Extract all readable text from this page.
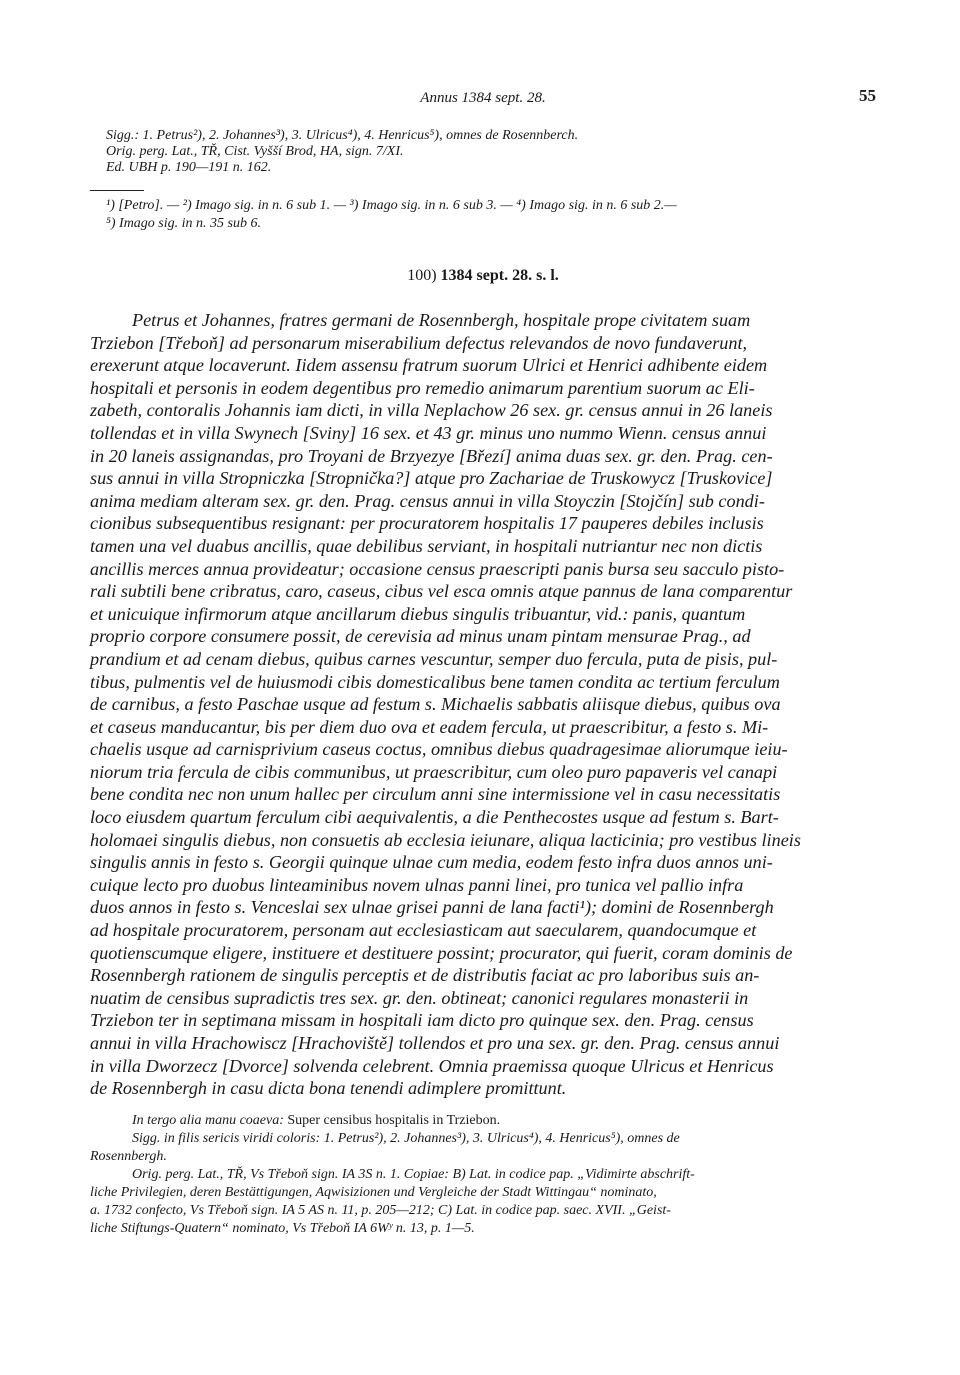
Annus 1384 sept. 28.	55
Sigg.: 1. Petrus²), 2. Johannes³), 3. Ulricus⁴), 4. Henricus⁵), omnes de Rosennberch.
Orig. perg. Lat., TŘ, Cist. Vyšší Brod, HA, sign. 7/XI.
Ed. UBH p. 190—191 n. 162.
¹) [Petro]. — ²) Imago sig. in n. 6 sub 1. — ³) Imago sig. in n. 6 sub 3. — ⁴) Imago sig. in n. 6 sub 2.—
⁵) Imago sig. in n. 35 sub 6.
100) 1384 sept. 28. s. l.
Petrus et Johannes, fratres germani de Rosennbergh, hospitale prope civitatem suam
Trziebon [Třeboň] ad personarum miserabilium defectus relevandos de novo fundaverunt,
erexerunt atque locaverunt. Iidem assensu fratrum suorum Ulrici et Henrici adhibente eidem
hospitali et personis in eodem degentibus pro remedio animarum parentium suorum ac Eli-
zabeth, contoralis Johannis iam dicti, in villa Neplachow 26 sex. gr. census annui in 26 laneis
tollendas et in villa Swynech [Sviny] 16 sex. et 43 gr. minus uno nummo Wienn. census annui
in 20 laneis assignandas, pro Troyani de Brzyezye [Březí] anima duas sex. gr. den. Prag. cen-
sus annui in villa Stropniczka [Stropnička?] atque pro Zachariae de Truskowycz [Truskovice]
anima mediam alteram sex. gr. den. Prag. census annui in villa Stoyczin [Stojčín] sub condi-
cionibus subsequentibus resignant: per procuratorem hospitalis 17 pauperes debiles inclusis
tamen una vel duabus ancillis, quae debilibus serviant, in hospitali nutriantur nec non dictis
ancillis merces annua provideatur; occasione census praescripti panis bursa seu sacculo pisto-
rali subtili bene cribratus, caro, caseus, cibus vel esca omnis atque pannus de lana comparentur
et unicuique infirmorum atque ancillarum diebus singulis tribuantur, vid.: panis, quantum
proprio corpore consumere possit, de cerevisia ad minus unam pintam mensurae Prag., ad
prandium et ad cenam diebus, quibus carnes vescuntur, semper duo fercula, puta de pisis, pul-
tibus, pulmentis vel de huiusmodi cibis domesticalibus bene tamen condita ac tertium ferculum
de carnibus, a festo Paschae usque ad festum s. Michaelis sabbatis aliisque diebus, quibus ova
et caseus manducantur, bis per diem duo ova et eadem fercula, ut praescribitur, a festo s. Mi-
chaelis usque ad carnisprivium caseus coctus, omnibus diebus quadragesimae aliorumque ieiu-
niorum tria fercula de cibis communibus, ut praescribitur, cum oleo puro papaveris vel canapi
bene condita nec non unum hallec per circulum anni sine intermissione vel in casu necessitatis
loco eiusdem quartum ferculum cibi aequivalentis, a die Penthecostes usque ad festum s. Bart-
holomaei singulis diebus, non consuetis ab ecclesia ieiunare, aliqua lacticinia; pro vestibus lineis
singulis annis in festo s. Georgii quinque ulnae cum media, eodem festo infra duos annos uni-
cuique lecto pro duobus linteaminibus novem ulnas panni linei, pro tunica vel pallio infra
duos annos in festo s. Venceslai sex ulnae grisei panni de lana facti¹); domini de Rosennbergh
ad hospitale procuratorem, personam aut ecclesiasticam aut saecularem, quandocumque et
quotienscumque eligere, instituere et destituere possint; procurator, qui fuerit, coram dominis de
Rosennbergh rationem de singulis perceptis et de distributis faciat ac pro laboribus suis an-
nuatim de censibus supradictis tres sex. gr. den. obtineat; canonici regulares monasterii in
Trziebon ter in septimana missam in hospitali iam dicto pro quinque sex. den. Prag. census
annui in villa Hrachowiscz [Hrachoviště] tollendos et pro una sex. gr. den. Prag. census annui
in villa Dworzecz [Dvorce] solvenda celebrent. Omnia praemissa quoque Ulricus et Henricus
de Rosennbergh in casu dicta bona tenendi adimplere promittunt.
In tergo alia manu coaeva: Super censibus hospitalis in Trziebon.
Sigg. in filis sericis viridi coloris: 1. Petrus²), 2. Johannes³), 3. Ulricus⁴), 4. Henricus⁵), omnes de
Rosennbergh.
Orig. perg. Lat., TŘ, Vs Třeboň sign. IA 3S n. 1. Copiae: B) Lat. in codice pap. „Vidimirte abschrift-
liche Privilegien, deren Bestättigungen, Aqwisizionen und Vergleiche der Stadt Wittingau“ nominato,
a. 1732 confecto, Vs Třeboň sign. IA 5 AS n. 11, p. 205—212; C) Lat. in codice pap. saec. XVII. „Geist-
liche Stiftungs-Quatern“ nominato, Vs Třeboň IA 6Wʸ n. 13, p. 1—5.
